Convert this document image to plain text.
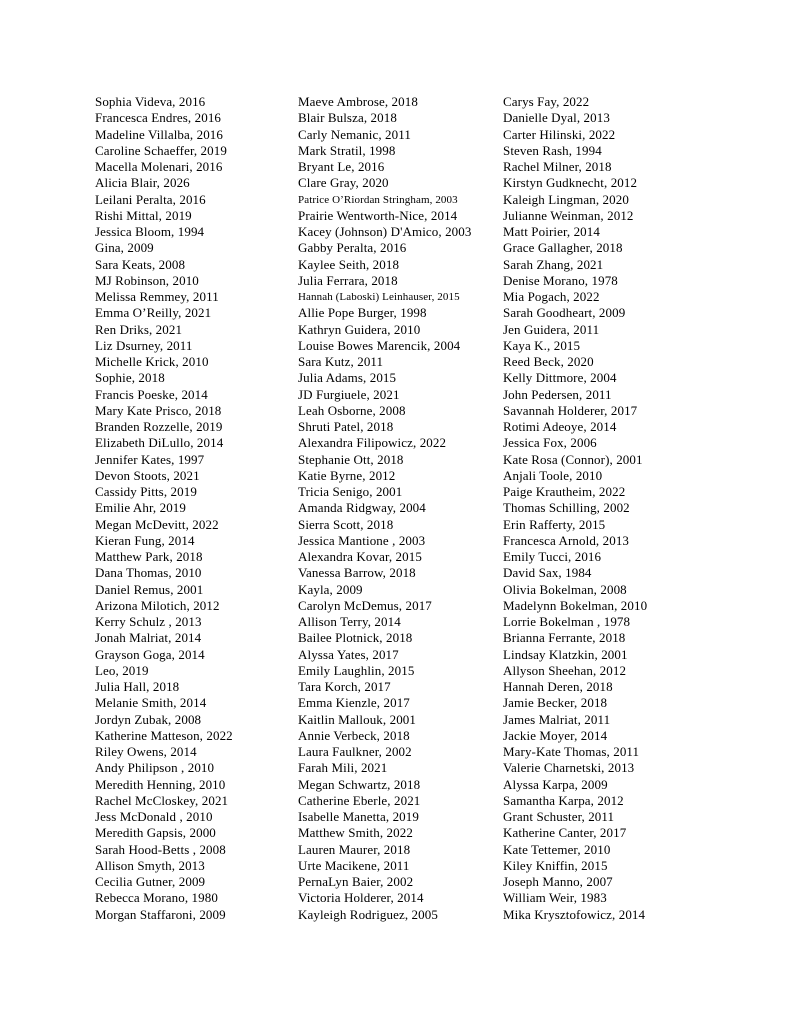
Sophia Videva, 2016
Francesca Endres, 2016
Madeline Villalba, 2016
Caroline Schaeffer, 2019
Macella Molenari, 2016
Alicia Blair, 2026
Leilani Peralta, 2016
Rishi Mittal, 2019
Jessica Bloom, 1994
Gina, 2009
Sara Keats, 2008
MJ Robinson, 2010
Melissa Remmey, 2011
Emma O’Reilly, 2021
Ren Driks, 2021
Liz Dsurney, 2011
Michelle Krick, 2010
Sophie, 2018
Francis Poeske, 2014
Mary Kate Prisco, 2018
Branden Rozzelle, 2019
Elizabeth DiLullo, 2014
Jennifer Kates, 1997
Devon Stoots, 2021
Cassidy Pitts, 2019
Emilie Ahr, 2019
Megan McDevitt, 2022
Kieran Fung, 2014
Matthew Park, 2018
Dana Thomas, 2010
Daniel Remus, 2001
Arizona Milotich, 2012
Kerry Schulz , 2013
Jonah Malriat, 2014
Grayson Goga, 2014
Leo, 2019
Julia Hall, 2018
Melanie Smith, 2014
Jordyn Zubak, 2008
Katherine Matteson, 2022
Riley Owens, 2014
Andy Philipson , 2010
Meredith Henning, 2010
Rachel McCloskey, 2021
Jess McDonald , 2010
Meredith Gapsis, 2000
Sarah Hood-Betts , 2008
Allison Smyth, 2013
Cecilia Gutner, 2009
Rebecca Morano, 1980
Morgan Staffaroni, 2009
Maeve Ambrose, 2018
Blair Bulsza, 2018
Carly Nemanic, 2011
Mark Stratil, 1998
Bryant Le, 2016
Clare Gray, 2020
Patrice O’Riordan Stringham, 2003
Prairie Wentworth-Nice, 2014
Kacey (Johnson) D'Amico, 2003
Gabby Peralta, 2016
Kaylee Seith, 2018
Julia Ferrara, 2018
Hannah (Laboski) Leinhauser, 2015
Allie Pope Burger, 1998
Kathryn Guidera, 2010
Louise Bowes Marencik, 2004
Sara Kutz, 2011
Julia Adams, 2015
JD Furgiuele, 2021
Leah Osborne, 2008
Shruti Patel, 2018
Alexandra Filipowicz, 2022
Stephanie Ott, 2018
Katie Byrne, 2012
Tricia Senigo, 2001
Amanda Ridgway, 2004
Sierra Scott, 2018
Jessica Mantione , 2003
Alexandra Kovar, 2015
Vanessa Barrow, 2018
Kayla, 2009
Carolyn McDemus, 2017
Allison Terry, 2014
Bailee Plotnick, 2018
Alyssa Yates, 2017
Emily Laughlin, 2015
Tara Korch, 2017
Emma Kienzle, 2017
Kaitlin Mallouk, 2001
Annie Verbeck, 2018
Laura Faulkner, 2002
Farah Mili, 2021
Megan Schwartz, 2018
Catherine Eberle, 2021
Isabelle Manetta, 2019
Matthew Smith, 2022
Lauren Maurer, 2018
Urte Macikene, 2011
PernaLyn Baier, 2002
Victoria Holderer, 2014
Kayleigh Rodriguez, 2005
Carys Fay, 2022
Danielle Dyal, 2013
Carter Hilinski, 2022
Steven Rash, 1994
Rachel Milner, 2018
Kirstyn Gudknecht, 2012
Kaleigh Lingman, 2020
Julianne Weinman, 2012
Matt Poirier, 2014
Grace Gallagher, 2018
Sarah Zhang, 2021
Denise Morano, 1978
Mia Pogach, 2022
Sarah Goodheart, 2009
Jen Guidera, 2011
Kaya K., 2015
Reed Beck, 2020
Kelly Dittmore, 2004
John Pedersen, 2011
Savannah Holderer, 2017
Rotimi Adeoye, 2014
Jessica Fox, 2006
Kate Rosa (Connor), 2001
Anjali Toole, 2010
Paige Krautheim, 2022
Thomas Schilling, 2002
Erin Rafferty, 2015
Francesca Arnold, 2013
Emily Tucci, 2016
David Sax, 1984
Olivia Bokelman, 2008
Madelynn Bokelman, 2010
Lorrie Bokelman , 1978
Brianna Ferrante, 2018
Lindsay Klatzkin, 2001
Allyson Sheehan, 2012
Hannah Deren, 2018
Jamie Becker, 2018
James Malriat, 2011
Jackie Moyer, 2014
Mary-Kate Thomas, 2011
Valerie Charnetski, 2013
Alyssa Karpa, 2009
Samantha Karpa, 2012
Grant Schuster, 2011
Katherine Canter, 2017
Kate Tettemer, 2010
Kiley Kniffin, 2015
Joseph Manno, 2007
William Weir, 1983
Mika Krysztofowicz, 2014
